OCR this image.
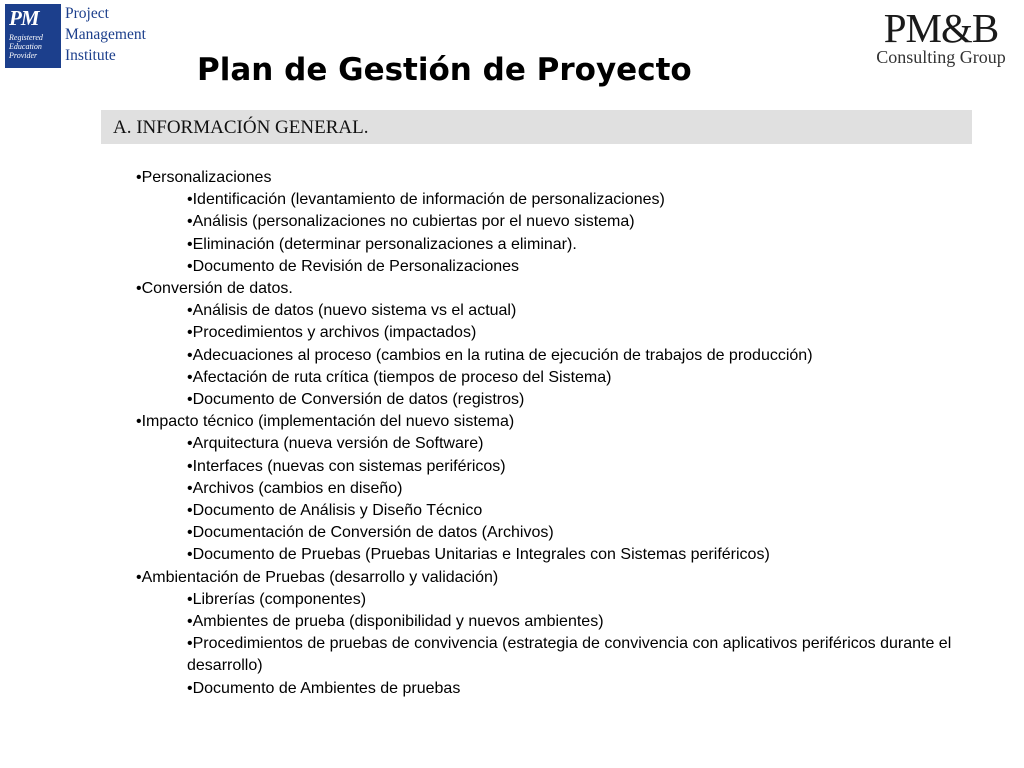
PM
Registered
Education
Provider
Project
Management
Institute
PM&B
Consulting Group
Plan de Gestión de Proyecto
A. INFORMACIÓN GENERAL.
•Personalizaciones
•Identificación (levantamiento de información de personalizaciones)
•Análisis (personalizaciones no cubiertas por el nuevo sistema)
•Eliminación (determinar personalizaciones a eliminar).
•Documento de Revisión de Personalizaciones
•Conversión de datos.
•Análisis de datos (nuevo sistema vs el actual)
•Procedimientos y archivos (impactados)
•Adecuaciones al proceso (cambios en la rutina de ejecución de trabajos de producción)
•Afectación de ruta crítica (tiempos de proceso del Sistema)
•Documento de Conversión de datos (registros)
•Impacto técnico (implementación del nuevo sistema)
•Arquitectura (nueva versión de Software)
•Interfaces (nuevas con sistemas periféricos)
•Archivos (cambios en diseño)
•Documento de Análisis y Diseño Técnico
•Documentación de Conversión de datos (Archivos)
•Documento de Pruebas (Pruebas Unitarias e Integrales con Sistemas periféricos)
•Ambientación de Pruebas (desarrollo y validación)
•Librerías (componentes)
•Ambientes de prueba (disponibilidad y nuevos ambientes)
•Procedimientos de pruebas de convivencia (estrategia de convivencia con aplicativos periféricos durante el desarrollo)
•Documento de Ambientes de pruebas
